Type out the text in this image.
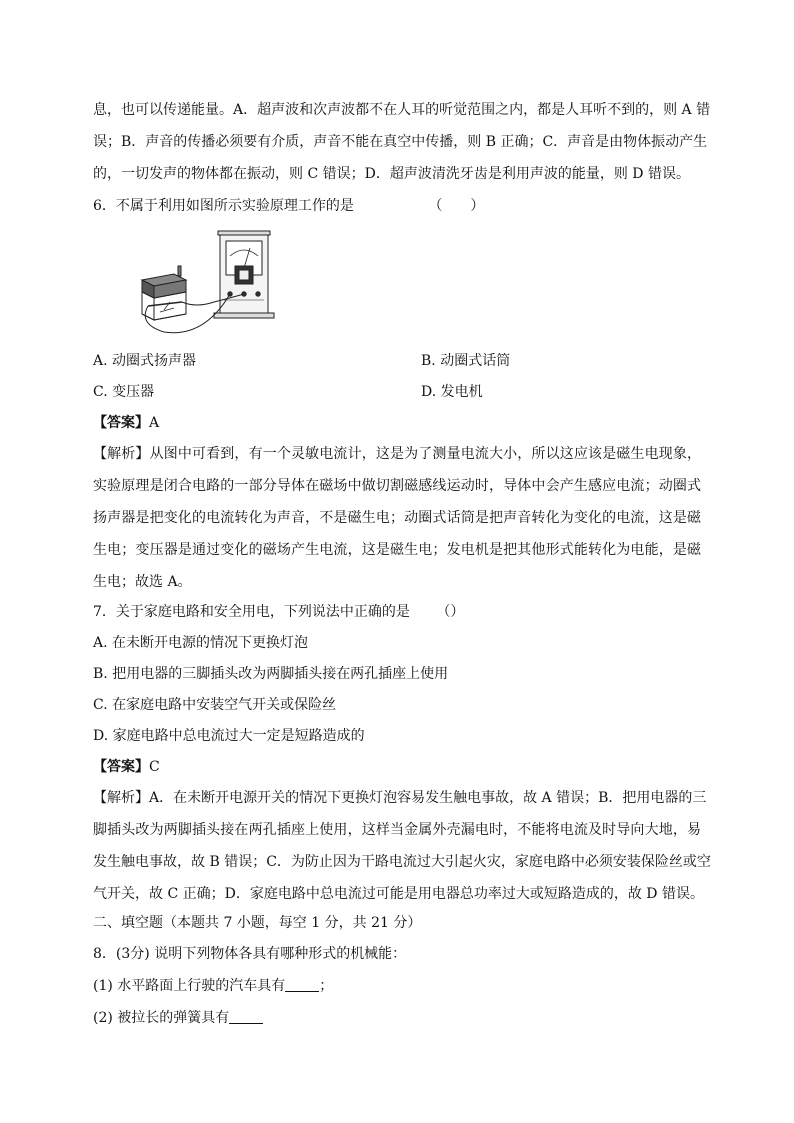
息，也可以传递能量。A．超声波和次声波都不在人耳的听觉范围之内，都是人耳听不到的，则 A 错
误；B．声音的传播必须要有介质，声音不能在真空中传播，则 B 正确；C．声音是由物体振动产生
的，一切发声的物体都在振动，则 C 错误；D．超声波清洗牙齿是利用声波的能量，则 D 错误。
6．不属于利用如图所示实验原理工作的是	（　　）
A. 动圈式扬声器	B. 动圈式话筒
C. 变压器	D. 发电机
【答案】A
【解析】从图中可看到，有一个灵敏电流计，这是为了测量电流大小，所以这应该是磁生电现象，
实验原理是闭合电路的一部分导体在磁场中做切割磁感线运动时，导体中会产生感应电流；动圈式
扬声器是把变化的电流转化为声音，不是磁生电；动圈式话筒是把声音转化为变化的电流，这是磁
生电；变压器是通过变化的磁场产生电流，这是磁生电；发电机是把其他形式能转化为电能，是磁
生电；故选 A。
7．关于家庭电路和安全用电，下列说法中正确的是 （）
A. 在未断开电源的情况下更换灯泡
B. 把用电器的三脚插头改为两脚插头接在两孔插座上使用
C. 在家庭电路中安装空气开关或保险丝
D. 家庭电路中总电流过大一定是短路造成的
【答案】C
【解析】A．在未断开电源开关的情况下更换灯泡容易发生触电事故，故 A 错误；B．把用电器的三
脚插头改为两脚插头接在两孔插座上使用，这样当金属外壳漏电时，不能将电流及时导向大地，易
发生触电事故，故 B 错误；C．为防止因为干路电流过大引起火灾，家庭电路中必须安装保险丝或空
气开关，故 C 正确；D．家庭电路中总电流过可能是用电器总功率过大或短路造成的，故 D 错误。
二、填空题（本题共 7 小题，每空 1 分，共 21 分）
8．(3分) 说明下列物体各具有哪种形式的机械能：
(1) 水平路面上行驶的汽车具有 ；
(2) 被拉长的弹簧具有
